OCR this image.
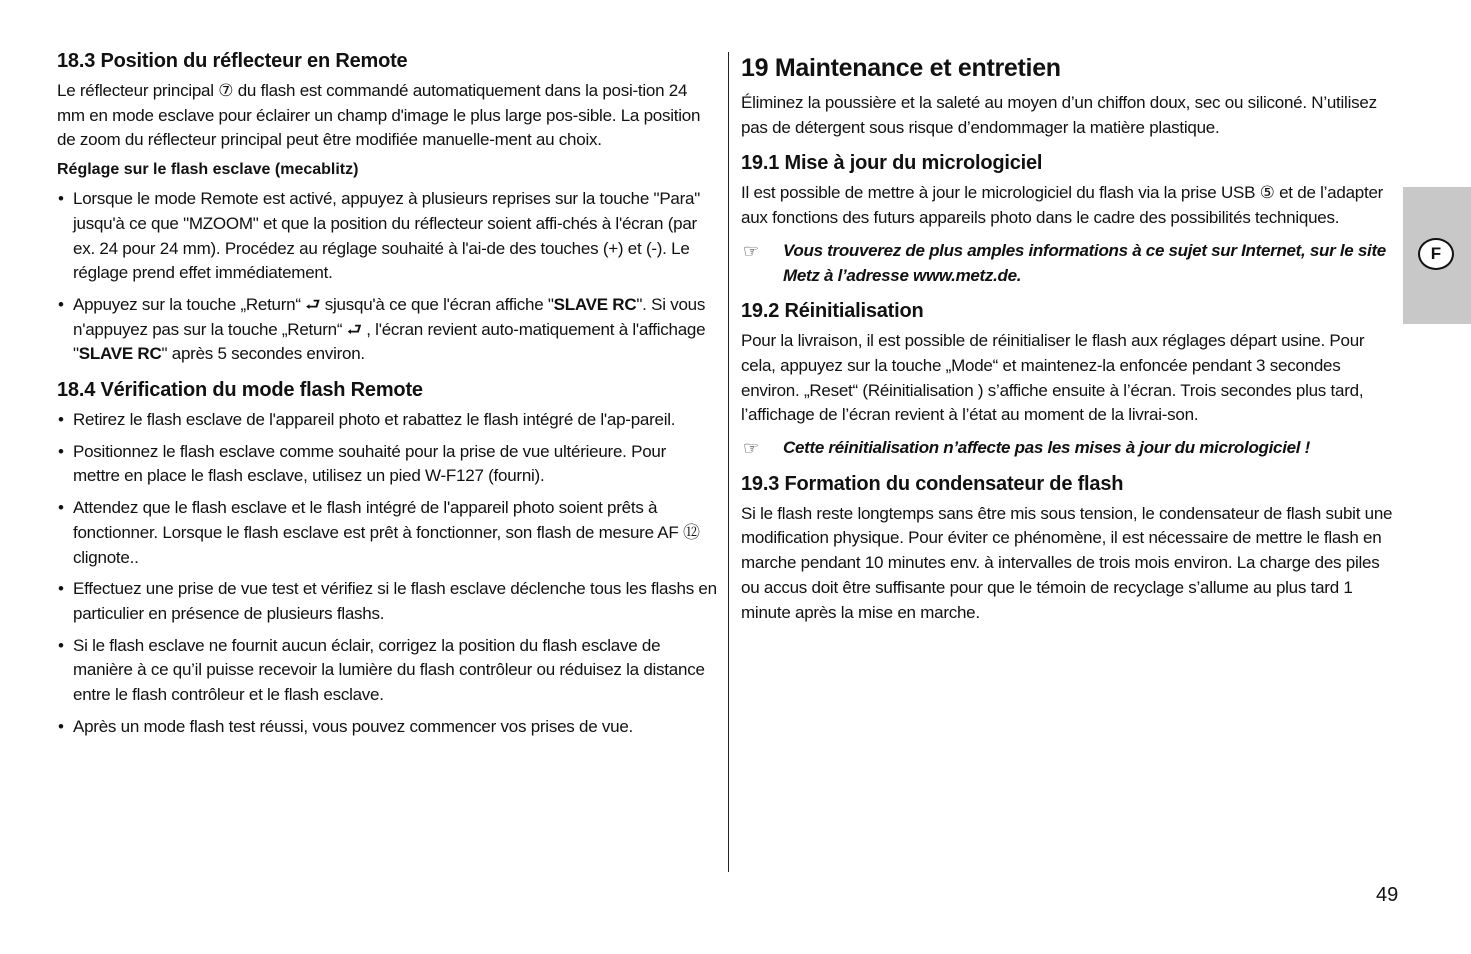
18.3 Position du réflecteur en Remote

Le réflecteur principal ⑦ du flash est commandé automatiquement dans la posi-tion 24 mm en mode esclave pour éclairer un champ d'image le plus large pos-sible. La position de zoom du réflecteur principal peut être modifiée manuelle-ment au choix.

Réglage sur le flash esclave (mecablitz)
• Lorsque le mode Remote est activé, appuyez à plusieurs reprises sur la touche "Para" jusqu'à ce que "MZOOM" et que la position du réflecteur soient affi-chés à l'écran (par ex. 24 pour 24 mm). Procédez au réglage souhaité à l'ai-de des touches (+) et (-). Le réglage prend effet immédiatement.
• Appuyez sur la touche „Return“ ⮐ sjusqu'à ce que l'écran affiche "SLAVE RC". Si vous n'appuyez pas sur la touche „Return“ ⮐ , l'écran revient auto-matiquement à l'affichage "SLAVE RC" après 5 secondes environ.
18.4 Vérification du mode flash Remote
• Retirez le flash esclave de l'appareil photo et rabattez le flash intégré de l'ap-pareil.
• Positionnez le flash esclave comme souhaité pour la prise de vue ultérieure. Pour mettre en place le flash esclave, utilisez un pied W-F127 (fourni).
• Attendez que le flash esclave et le flash intégré de l'appareil photo soient prêts à fonctionner. Lorsque le flash esclave est prêt à fonctionner, son flash de mesure AF ⑫ clignote..
• Effectuez une prise de vue test et vérifiez si le flash esclave déclenche tous les flashs en particulier en présence de plusieurs flashs.
• Si le flash esclave ne fournit aucun éclair, corrigez la position du flash esclave de manière à ce qu’il puisse recevoir la lumière du flash contrôleur ou réduisez la distance entre le flash contrôleur et le flash esclave.
• Après un mode flash test réussi, vous pouvez commencer vos prises de vue.
19 Maintenance et entretien

Éliminez la poussière et la saleté au moyen d’un chiffon doux, sec ou siliconé. N’utilisez pas de détergent sous risque d’endommager la matière plastique.

19.1 Mise à jour du micrologiciel

Il est possible de mettre à jour le micrologiciel du flash via la prise USB ⑤ et de l’adapter aux fonctions des futurs appareils photo dans le cadre des possibilités techniques.

☞ Vous trouverez de plus amples informations à ce sujet sur Internet, sur le site Metz à l’adresse www.metz.de.
19.2 Réinitialisation

Pour la livraison, il est possible de réinitialiser le flash aux réglages départ usine. Pour cela, appuyez sur la touche „Mode“ et maintenez-la enfoncée pendant 3 secondes environ. „Reset“ (Réinitialisation ) s’affiche ensuite à l’écran. Trois secondes plus tard, l’affichage de l’écran revient à l’état au moment de la livrai-son.

☞ Cette réinitialisation n’affecte pas les mises à jour du micrologiciel !
19.3 Formation du condensateur de flash

Si le flash reste longtemps sans être mis sous tension, le condensateur de flash subit une modification physique. Pour éviter ce phénomène, il est nécessaire de mettre le flash en marche pendant 10 minutes env. à intervalles de trois mois environ. La charge des piles ou accus doit être suffisante pour que le témoin de recyclage s’allume au plus tard 1 minute après la mise en marche.

F
49
